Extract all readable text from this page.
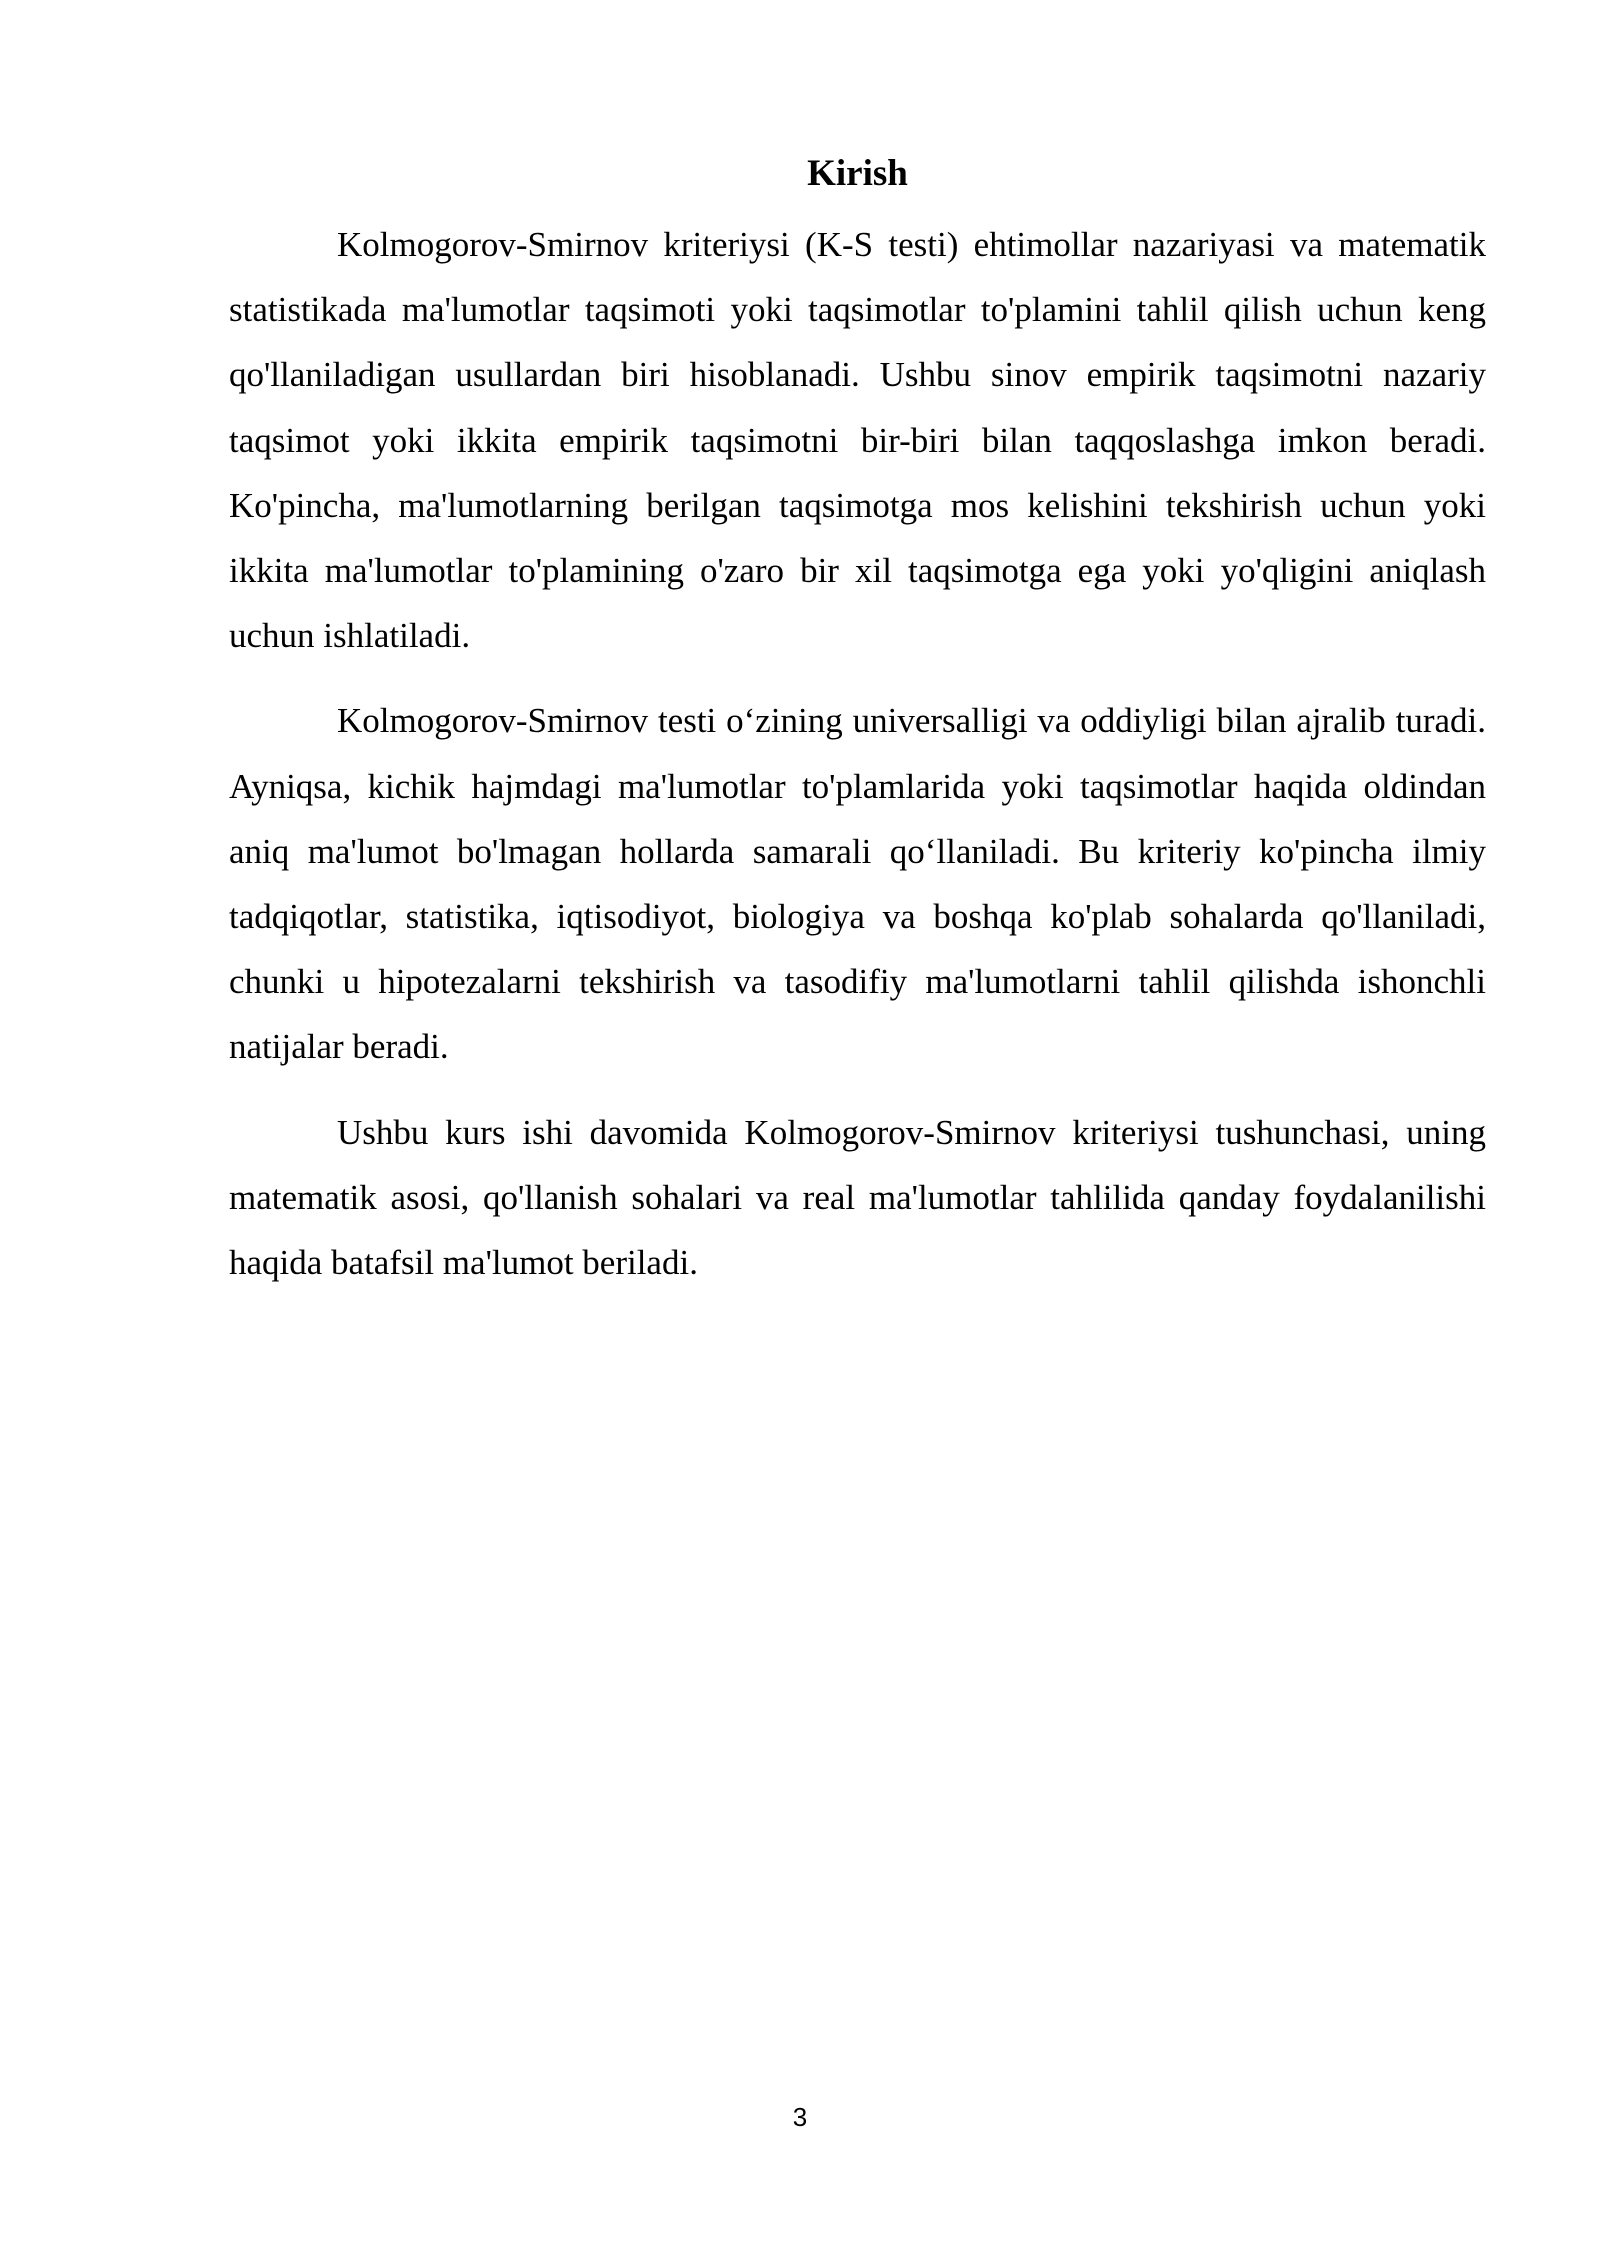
Kirish

Kolmogorov-Smirnov kriteriysi (K-S testi) ehtimollar nazariyasi va matematik statistikada ma'lumotlar taqsimoti yoki taqsimotlar to'plamini tahlil qilish uchun keng qo'llaniladigan usullardan biri hisoblanadi. Ushbu sinov empirik taqsimotni nazariy taqsimot yoki ikkita empirik taqsimotni bir-biri bilan taqqoslashga imkon beradi. Ko'pincha, ma'lumotlarning berilgan taqsimotga mos kelishini tekshirish uchun yoki ikkita ma'lumotlar to'plamining o'zaro bir xil taqsimotga ega yoki yo'qligini aniqlash uchun ishlatiladi.

Kolmogorov-Smirnov testi o‘zining universalligi va oddiyligi bilan ajralib turadi. Ayniqsa, kichik hajmdagi ma'lumotlar to'plamlarida yoki taqsimotlar haqida oldindan aniq ma'lumot bo'lmagan hollarda samarali qo‘llaniladi. Bu kriteriy ko'pincha ilmiy tadqiqotlar, statistika, iqtisodiyot, biologiya va boshqa ko'plab sohalarda qo'llaniladi, chunki u hipotezalarni tekshirish va tasodifiy ma'lumotlarni tahlil qilishda ishonchli natijalar beradi.

Ushbu kurs ishi davomida Kolmogorov-Smirnov kriteriysi tushunchasi, uning matematik asosi, qo'llanish sohalari va real ma'lumotlar tahlilida qanday foydalanilishi haqida batafsil ma'lumot beriladi.

3
